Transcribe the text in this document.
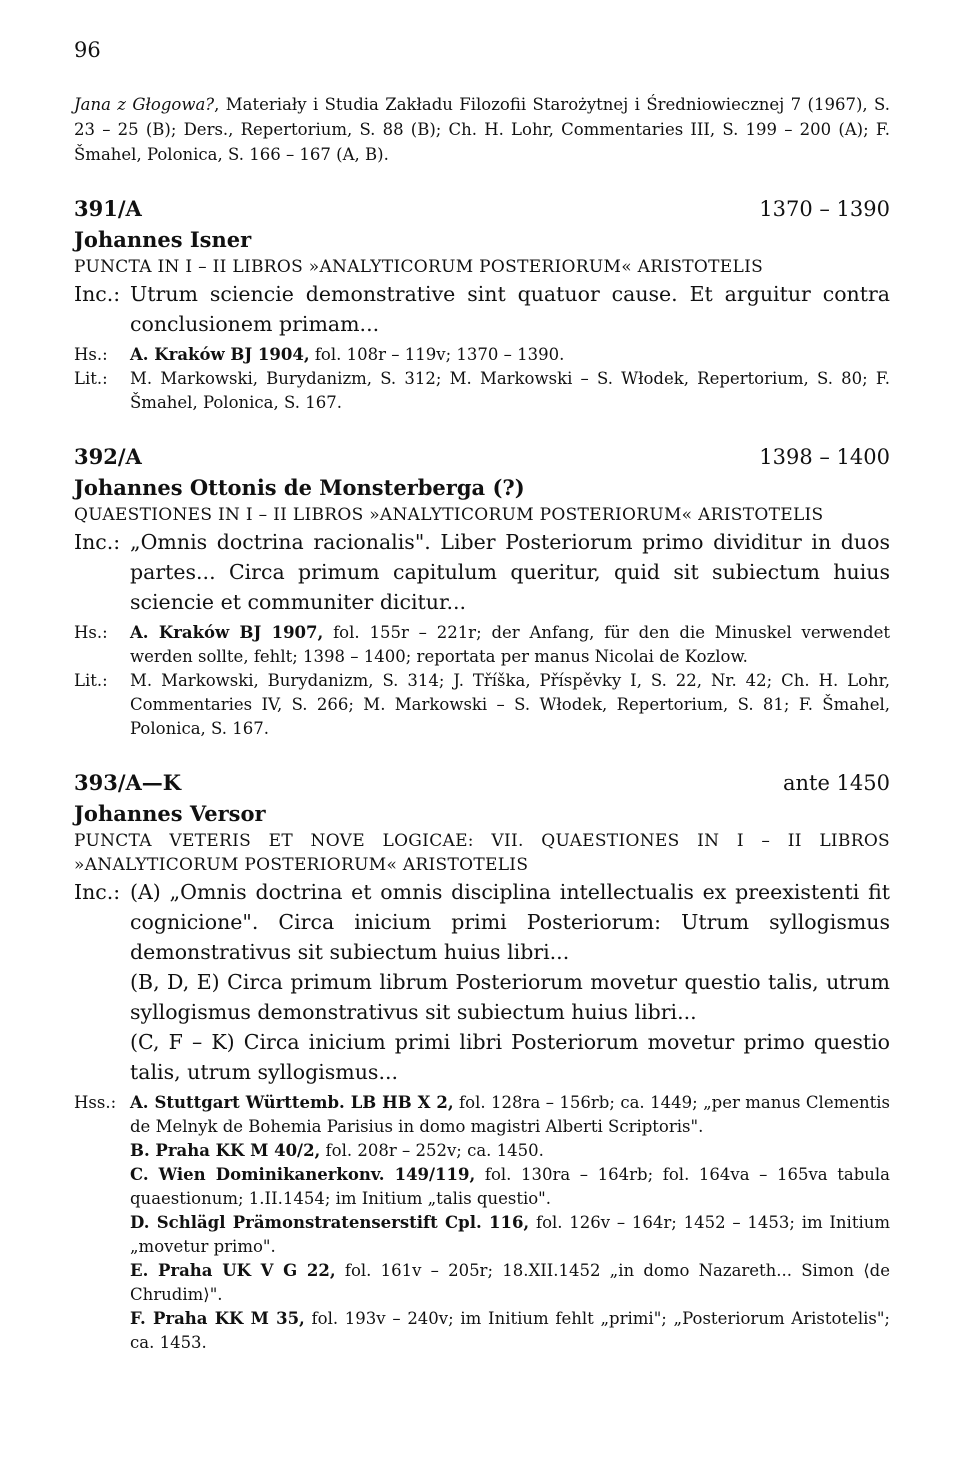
96
Jana z Głogowa?, Materiały i Studia Zakładu Filozofii Starożytnej i Średniowiecznej 7 (1967), S. 23 – 25 (B); Ders., Repertorium, S. 88 (B); Ch. H. Lohr, Commentaries III, S. 199 – 200 (A); F. Šmahel, Polonica, S. 166 – 167 (A, B).
391/A	1370 – 1390
Johannes Isner
PUNCTA IN I – II LIBROS »ANALYTICORUM POSTERIORUM« ARISTOTELIS
Inc.: Utrum sciencie demonstrative sint quatuor cause. Et arguitur contra conclusionem primam...
Hs.:	A. Kraków BJ 1904, fol. 108r – 119v; 1370 – 1390.
Lit.:	M. Markowski, Burydanizm, S. 312; M. Markowski – S. Włodek, Repertorium, S. 80; F. Šmahel, Polonica, S. 167.
392/A	1398 – 1400
Johannes Ottonis de Monsterberga (?)
QUAESTIONES IN I – II LIBROS »ANALYTICORUM POSTERIORUM« ARISTOTELIS
Inc.: „Omnis doctrina racionalis". Liber Posteriorum primo dividitur in duos partes... Circa primum capitulum queritur, quid sit subiectum huius sciencie et communiter dicitur...
Hs.:	A. Kraków BJ 1907, fol. 155r – 221r; der Anfang, für den die Minuskel verwendet werden sollte, fehlt; 1398 – 1400; reportata per manus Nicolai de Kozlow.
Lit.:	M. Markowski, Burydanizm, S. 314; J. Tříška, Příspěvky I, S. 22, Nr. 42; Ch. H. Lohr, Commentaries IV, S. 266; M. Markowski – S. Włodek, Repertorium, S. 81; F. Šmahel, Polonica, S. 167.
393/A—K	ante 1450
Johannes Versor
PUNCTA VETERIS ET NOVE LOGICAE: VII. QUAESTIONES IN I – II LIBROS »ANALYTICORUM POSTERIORUM« ARISTOTELIS
Inc.: (A) „Omnis doctrina et omnis disciplina intellectualis ex preexistenti fit cognicione". Circa inicium primi Posteriorum: Utrum syllogismus demonstrativus sit subiectum huius libri...
(B, D, E) Circa primum librum Posteriorum movetur questio talis, utrum syllogismus demonstrativus sit subiectum huius libri...
(C, F – K) Circa inicium primi libri Posteriorum movetur primo questio talis, utrum syllogismus...
Hss.: A. Stuttgart Württemb. LB HB X 2, fol. 128ra – 156rb; ca. 1449; „per manus Clementis de Melnyk de Bohemia Parisius in domo magistri Alberti Scriptoris".
B. Praha KK M 40/2, fol. 208r – 252v; ca. 1450.
C. Wien Dominikanerkonv. 149/119, fol. 130ra – 164rb; fol. 164va – 165va tabula quaestionum; 1.II.1454; im Initium „talis questio".
D. Schlägl Prämonstratenserstift Cpl. 116, fol. 126v – 164r; 1452 – 1453; im Initium „movetur primo".
E. Praha UK V G 22, fol. 161v – 205r; 18.XII.1452 „in domo Nazareth... Simon ⟨de Chrudim⟩".
F. Praha KK M 35, fol. 193v – 240v; im Initium fehlt „primi"; „Posteriorum Aristotelis"; ca. 1453.
